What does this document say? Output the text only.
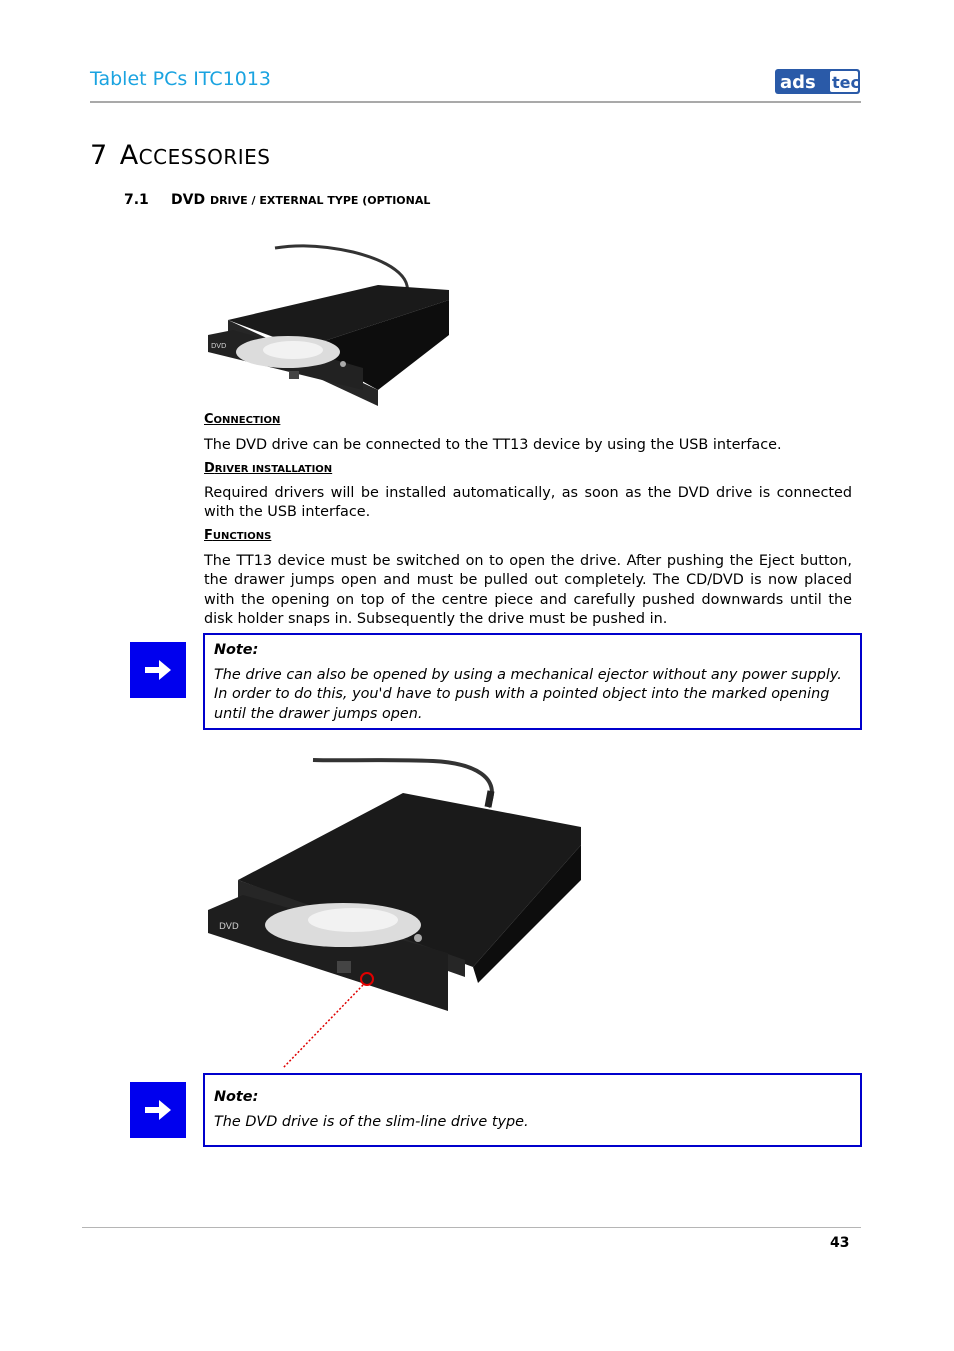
Tablet PCs ITC1013	ads tec
7 ACCESSORIES
7.1 DVD DRIVE / EXTERNAL TYPE (OPTIONAL
DVD
CONNECTION
The DVD drive can be connected to the TT13 device by using the USB interface.
DRIVER INSTALLATION
Required drivers will be installed automatically, as soon as the DVD drive is connected with the USB interface.
FUNCTIONS
The TT13 device must be switched on to open the drive. After pushing the Eject button, the drawer jumps open and must be pulled out completely. The CD/DVD is now placed with the opening on top of the centre piece and carefully pushed downwards until the disk holder snaps in. Subsequently the drive must be pushed in.
Note:
The drive can also be opened by using a mechanical ejector without any power supply. In order to do this, you'd have to push with a pointed object into the marked opening until the drawer jumps open.
DVD
Note:
The DVD drive is of the slim-line drive type.
43
